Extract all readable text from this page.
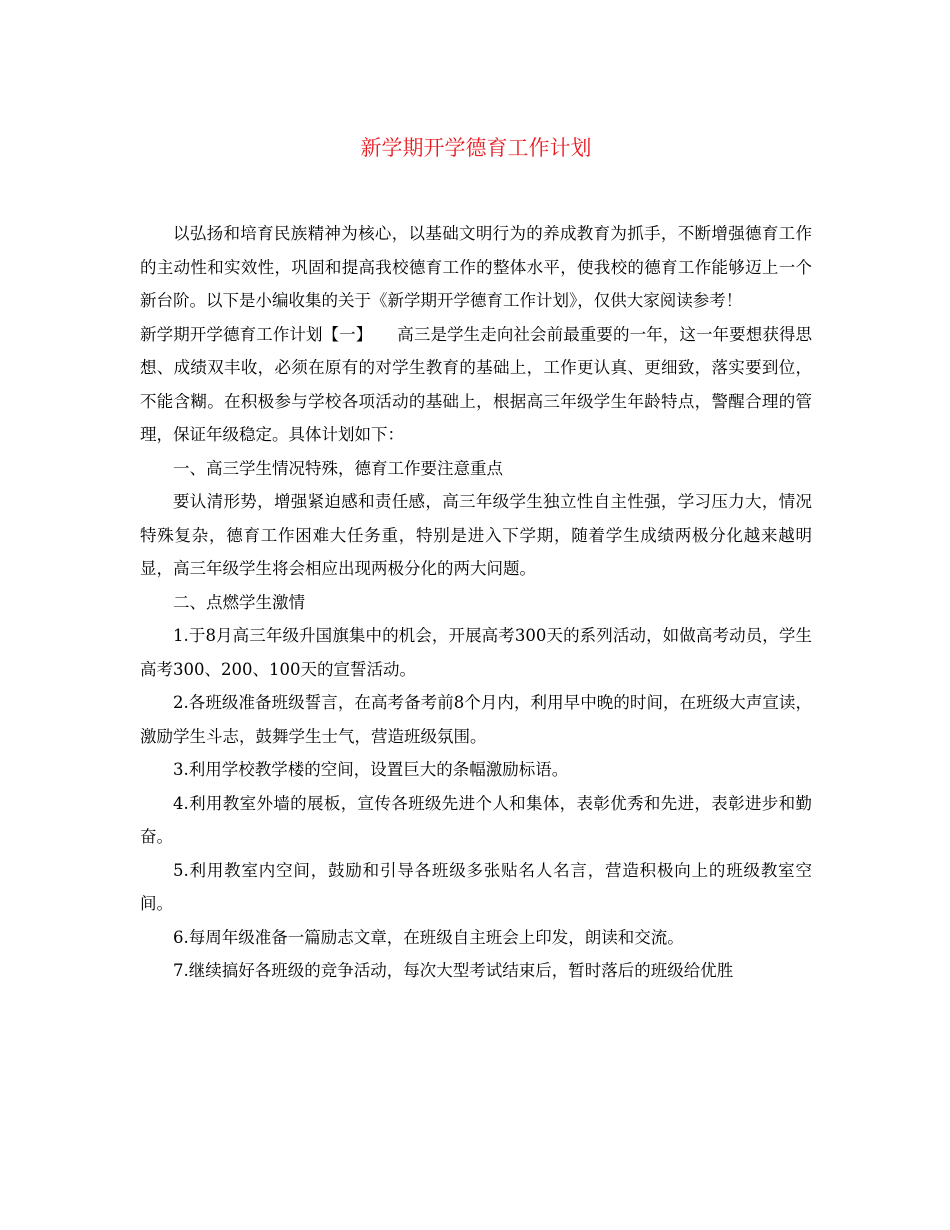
新学期开学德育工作计划

以弘扬和培育民族精神为核心，以基础文明行为的养成教育为抓手，不断增强德育工作的主动性和实效性，巩固和提高我校德育工作的整体水平，使我校的德育工作能够迈上一个新台阶。以下是小编收集的关于《新学期开学德育工作计划》，仅供大家阅读参考！

新学期开学德育工作计划【一】　　高三是学生走向社会前最重要的一年，这一年要想获得思想、成绩双丰收，必须在原有的对学生教育的基础上，工作更认真、更细致，落实要到位，不能含糊。在积极参与学校各项活动的基础上，根据高三年级学生年龄特点，警醒合理的管理，保证年级稳定。具体计划如下：

一、高三学生情况特殊，德育工作要注意重点

要认清形势，增强紧迫感和责任感，高三年级学生独立性自主性强，学习压力大，情况特殊复杂，德育工作困难大任务重，特别是进入下学期，随着学生成绩两极分化越来越明显，高三年级学生将会相应出现两极分化的两大问题。

二、点燃学生激情

1.于8月高三年级升国旗集中的机会，开展高考300天的系列活动，如做高考动员，学生高考300、200、100天的宣誓活动。

2.各班级准备班级誓言，在高考备考前8个月内，利用早中晚的时间，在班级大声宣读，激励学生斗志，鼓舞学生士气，营造班级氛围。

3.利用学校教学楼的空间，设置巨大的条幅激励标语。

4.利用教室外墙的展板，宣传各班级先进个人和集体，表彰优秀和先进，表彰进步和勤奋。

5.利用教室内空间，鼓励和引导各班级多张贴名人名言，营造积极向上的班级教室空间。

6.每周年级准备一篇励志文章，在班级自主班会上印发，朗读和交流。

7.继续搞好各班级的竞争活动，每次大型考试结束后，暂时落后的班级给优胜
